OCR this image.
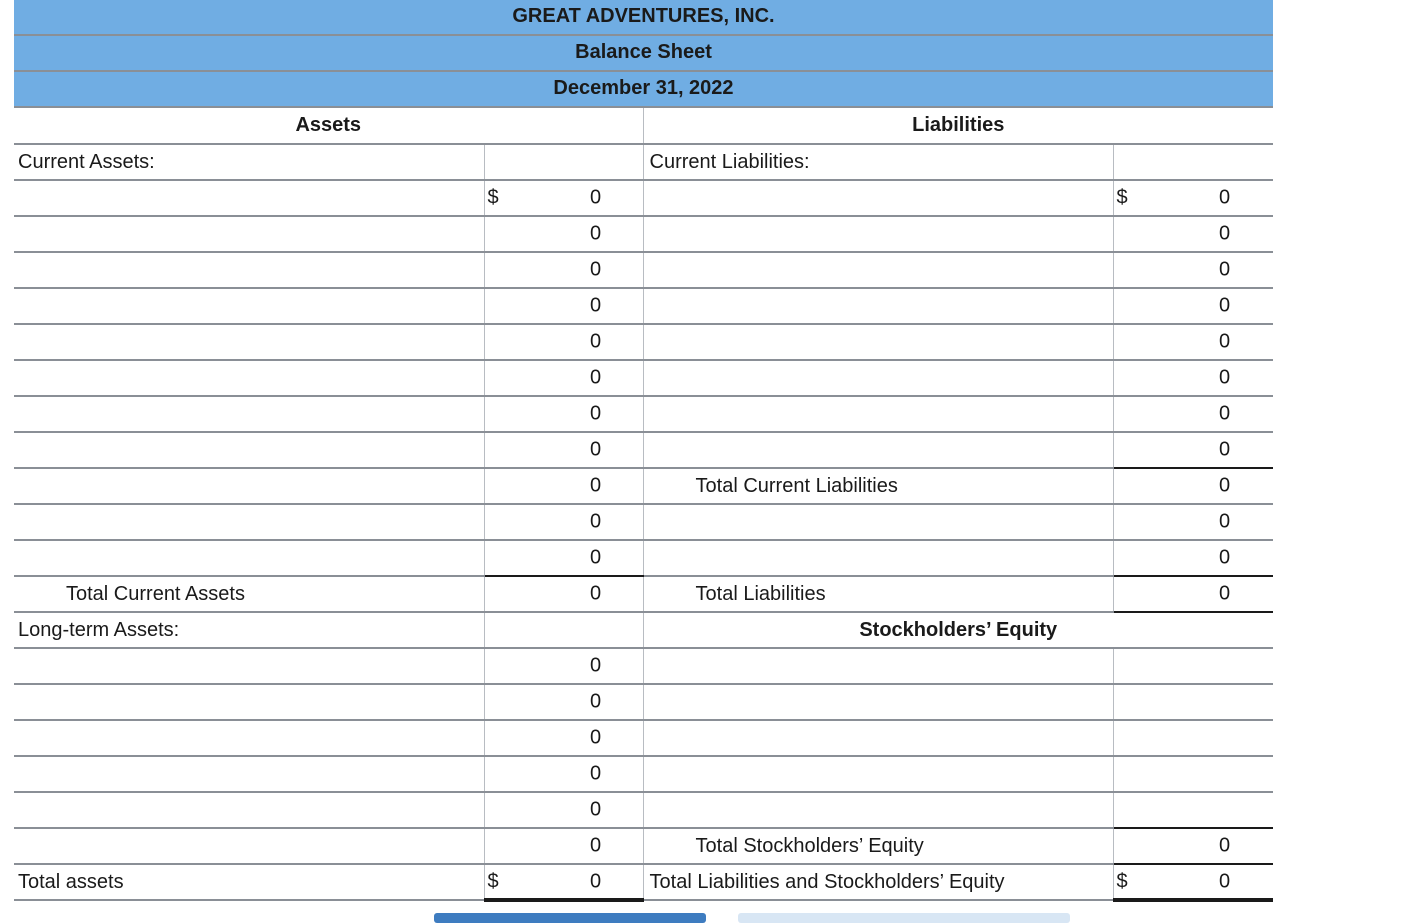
GREAT ADVENTURES, INC.
Balance Sheet
December 31, 2022
Assets		Liabilities	
Current Assets:		Current Liabilities:	

	$ 0		$ 0

	0		0

	0		0

	0		0

	0		0

	0		0

	0		0

	0		0

	0	Total Current Liabilities	0

	0		0

	0		0

Total Current Assets	0	Total Liabilities	0

Long-term Assets:		Stockholders’ Equity	

	0		

	0		

	0		

	0		

	0		

	0	Total Stockholders’ Equity	0

Total assets	$ 0	Total Liabilities and Stockholders’ Equity	$ 0
